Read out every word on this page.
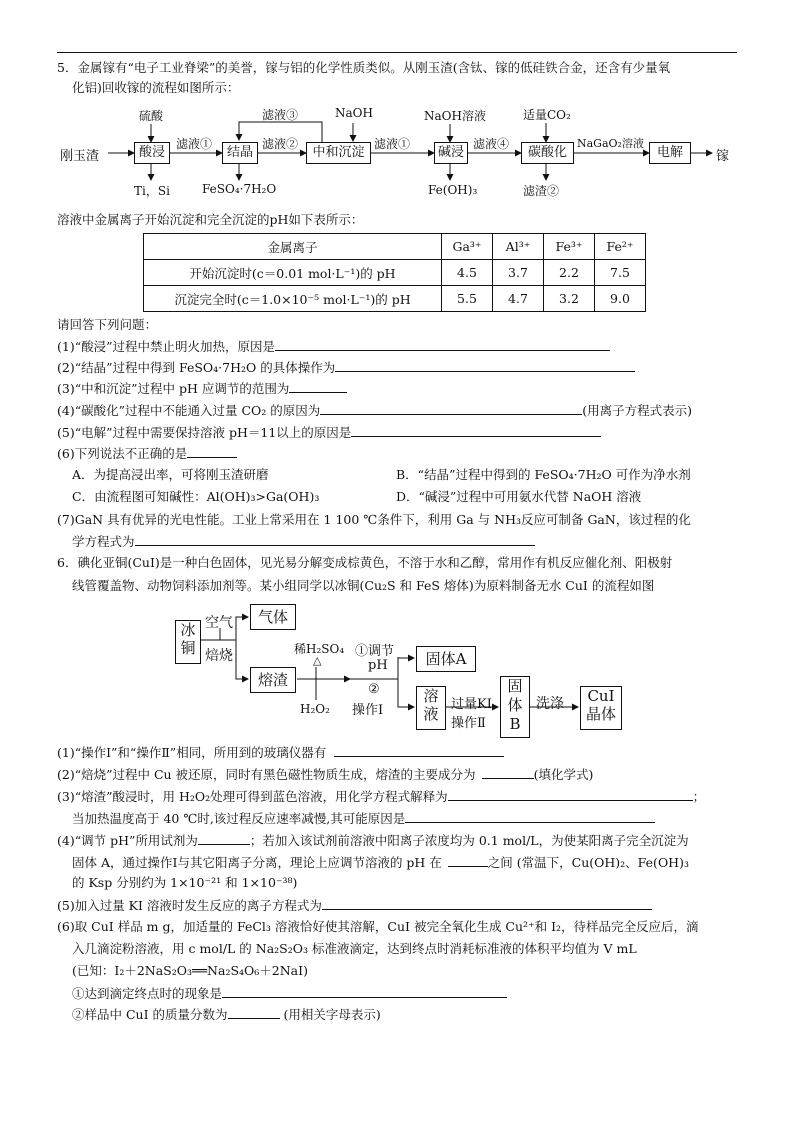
5．金属镓有“电子工业脊梁”的美誉，镓与铝的化学性质类似。从刚玉渣(含钛、镓的低硅铁合金，还含有少量氧
化铝)回收镓的流程如图所示：
刚玉渣
硫酸
酸浸
滤液①
Ti，Si
结晶
FeSO₄·7H₂O
滤液②
滤液③	NaOH
中和沉淀
滤液①
NaOH溶液
碱浸
Fe(OH)₃
滤液④
适量CO₂
碳酸化
滤渣②
NaGaO₂溶液
电解	镓
溶液中金属离子开始沉淀和完全沉淀的pH如下表所示：
金属离子	Ga³⁺	Al³⁺	Fe³⁺	Fe²⁺
开始沉淀时(c＝0.01 mol·L⁻¹)的 pH	4.5	3.7	2.2	7.5
沉淀完全时(c＝1.0×10⁻⁵ mol·L⁻¹)的 pH	5.5	4.7	3.2	9.0
请回答下列问题：
(1)“酸浸”过程中禁止明火加热，原因是
(2)“结晶”过程中得到 FeSO₄·7H₂O 的具体操作为
(3)“中和沉淀”过程中 pH 应调节的范围为
(4)“碳酸化”过程中不能通入过量 CO₂ 的原因为	(用离子方程式表示)
(5)“电解”过程中需要保持溶液 pH＝11以上的原因是
(6)下列说法不正确的是
A．为提高浸出率，可将刚玉渣研磨	B．“结晶”过程中得到的 FeSO₄·7H₂O 可作为净水剂
C．由流程图可知碱性：Al(OH)₃>Ga(OH)₃	D．“碱浸”过程中可用氨水代替 NaOH 溶液
(7)GaN 具有优异的光电性能。工业上常采用在 1 100 ℃条件下，利用 Ga 与 NH₃反应可制备 GaN，该过程的化
学方程式为
6．碘化亚铜(CuI)是一种白色固体，见光易分解变成棕黄色，不溶于水和乙醇，常用作有机反应催化剂、阳极射
线管覆盖物、动物饲料添加剂等。某小组同学以冰铜(Cu₂S 和 FeS 熔体)为原料制备无水 CuI 的流程如图
冰
铜
空气
焙烧
气体
熔渣
稀H₂SO₄
△
H₂O₂
①调节
pH
②
操作Ⅰ
固体A
溶
液
过量KI
操作Ⅱ
固
体
B
洗涤	CuI
晶体
(1)“操作Ⅰ”和“操作Ⅱ”相同，所用到的玻璃仪器有
(2)“焙烧”过程中 Cu 被还原，同时有黑色磁性物质生成，熔渣的主要成分为	(填化学式)
(3)“熔渣”酸浸时，用 H₂O₂处理可得到蓝色溶液，用化学方程式解释为	；
当加热温度高于 40 ℃时,该过程反应速率减慢,其可能原因是
(4)“调节 pH”所用试剂为	；若加入该试剂前溶液中阳离子浓度均为 0.1 mol/L，为使某阳离子完全沉淀为
固体 A，通过操作Ⅰ与其它阳离子分离，理论上应调节溶液的 pH 在	之间 (常温下，Cu(OH)₂、Fe(OH)₃
的 Ksp 分别约为 1×10⁻²¹ 和 1×10⁻³⁸)
(5)加入过量 KI 溶液时发生反应的离子方程式为
(6)取 CuI 样品 m g，加适量的 FeCl₃ 溶液恰好使其溶解，CuI 被完全氧化生成 Cu²⁺和 I₂，待样品完全反应后，滴
入几滴淀粉溶液，用 c mol/L 的 Na₂S₂O₃ 标准液滴定，达到终点时消耗标准液的体积平均值为 V mL
(已知：I₂＋2NaS₂O₃══Na₂S₄O₆＋2NaI)
①达到滴定终点时的现象是
②样品中 CuI 的质量分数为	(用相关字母表示)
